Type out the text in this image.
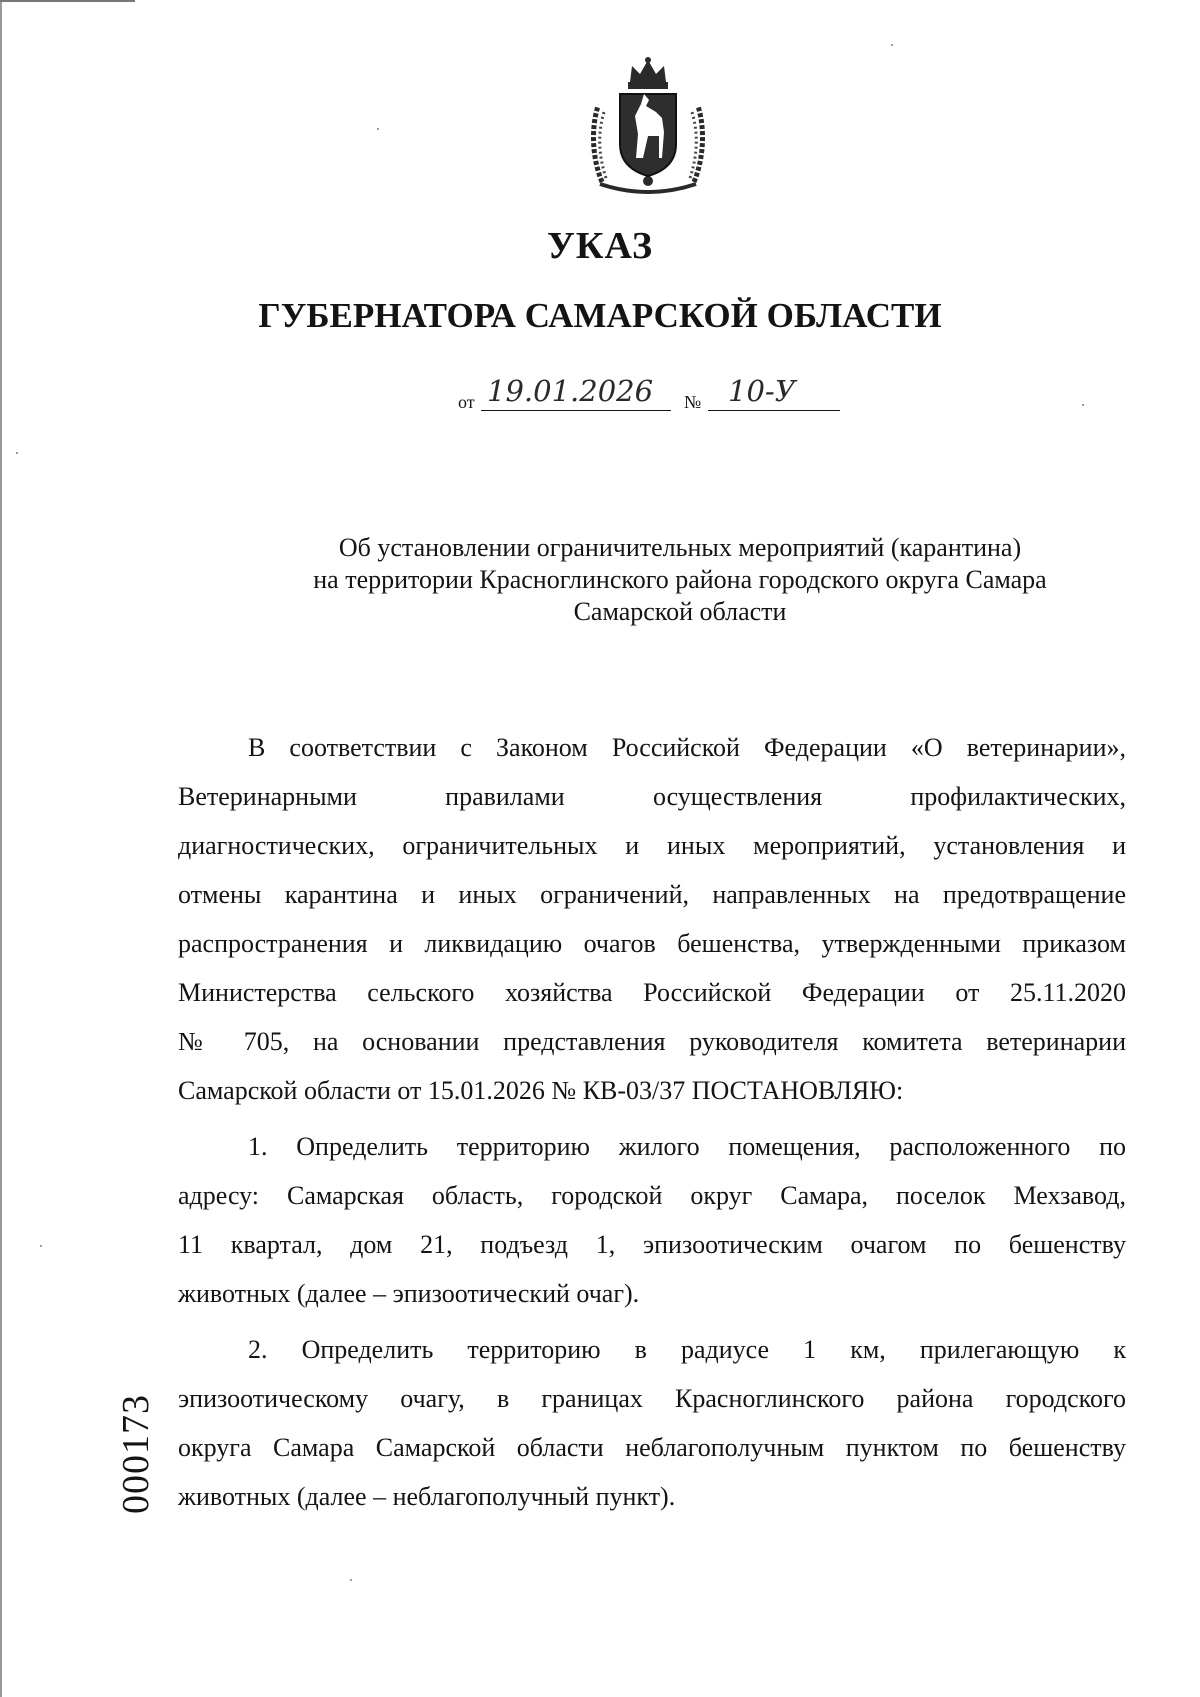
УКАЗ
ГУБЕРНАТОРА САМАРСКОЙ ОБЛАСТИ
от 19.01.2026	№ 10-У
Об установлении ограничительных мероприятий (карантина)
на территории Красноглинского района городского округа Самара
Самарской области
В соответствии с Законом Российской Федерации «О ветеринарии»,
Ветеринарными правилами осуществления профилактических,
диагностических, ограничительных и иных мероприятий, установления и
отмены карантина и иных ограничений, направленных на предотвращение
распространения и ликвидацию очагов бешенства, утвержденными приказом
Министерства сельского хозяйства Российской Федерации от 25.11.2020
№ 705, на основании представления руководителя комитета ветеринарии
Самарской области от 15.01.2026 № КВ-03/37 ПОСТАНОВЛЯЮ:
1. Определить территорию жилого помещения, расположенного по
адресу: Самарская область, городской округ Самара, поселок Мехзавод,
11 квартал, дом 21, подъезд 1, эпизоотическим очагом по бешенству
животных (далее – эпизоотический очаг).
2. Определить территорию в радиусе 1 км, прилегающую к
эпизоотическому очагу, в границах Красноглинского района городского
округа Самара Самарской области неблагополучным пунктом по бешенству
животных (далее – неблагополучный пункт).
000173
